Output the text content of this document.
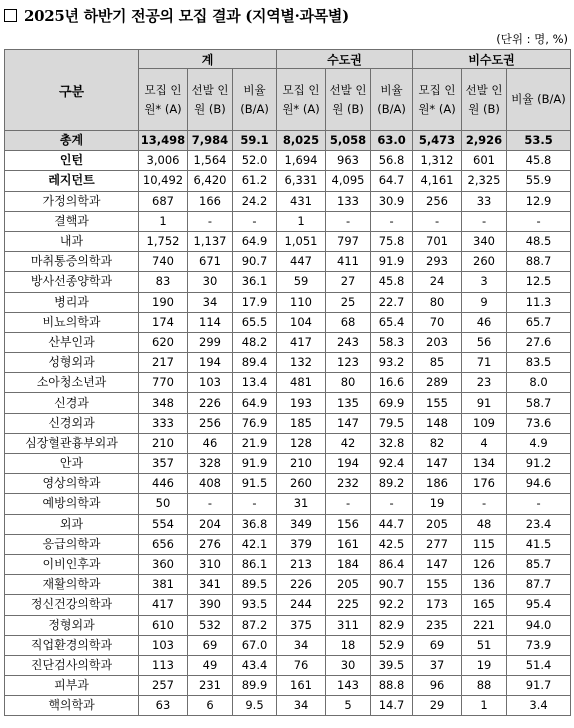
2025년 하반기 전공의 모집 결과 (지역별·과목별)
(단위 : 명, %)
구분	계			수도권			비수도권		
	모집 인원* (A)	선발 인원 (B)	비율 (B/A)	모집 인원* (A)	선발 인원 (B)	비율 (B/A)	모집 인원* (A)	선발 인원 (B)	비율 (B/A)
총계	13,498	7,984	59.1	8,025	5,058	63.0	5,473	2,926	53.5
인턴	3,006	1,564	52.0	1,694	963	56.8	1,312	601	45.8
레지던트	10,492	6,420	61.2	6,331	4,095	64.7	4,161	2,325	55.9
가정의학과	687	166	24.2	431	133	30.9	256	33	12.9
결핵과	1	-	-	1	-	-	-	-	-
내과	1,752	1,137	64.9	1,051	797	75.8	701	340	48.5
마취통증의학과	740	671	90.7	447	411	91.9	293	260	88.7
방사선종양학과	83	30	36.1	59	27	45.8	24	3	12.5
병리과	190	34	17.9	110	25	22.7	80	9	11.3
비뇨의학과	174	114	65.5	104	68	65.4	70	46	65.7
산부인과	620	299	48.2	417	243	58.3	203	56	27.6
성형외과	217	194	89.4	132	123	93.2	85	71	83.5
소아청소년과	770	103	13.4	481	80	16.6	289	23	8.0
신경과	348	226	64.9	193	135	69.9	155	91	58.7
신경외과	333	256	76.9	185	147	79.5	148	109	73.6
심장혈관흉부외과	210	46	21.9	128	42	32.8	82	4	4.9
안과	357	328	91.9	210	194	92.4	147	134	91.2
영상의학과	446	408	91.5	260	232	89.2	186	176	94.6
예방의학과	50	-	-	31	-	-	19	-	-
외과	554	204	36.8	349	156	44.7	205	48	23.4
응급의학과	656	276	42.1	379	161	42.5	277	115	41.5
이비인후과	360	310	86.1	213	184	86.4	147	126	85.7
재활의학과	381	341	89.5	226	205	90.7	155	136	87.7
정신건강의학과	417	390	93.5	244	225	92.2	173	165	95.4
정형외과	610	532	87.2	375	311	82.9	235	221	94.0
직업환경의학과	103	69	67.0	34	18	52.9	69	51	73.9
진단검사의학과	113	49	43.4	76	30	39.5	37	19	51.4
피부과	257	231	89.9	161	143	88.8	96	88	91.7
핵의학과	63	6	9.5	34	5	14.7	29	1	3.4
